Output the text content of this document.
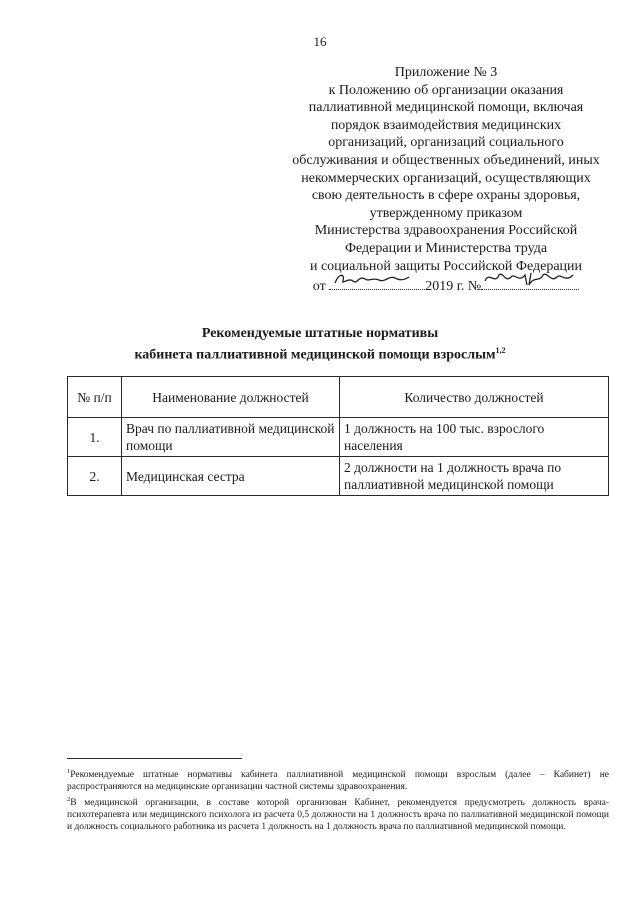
16
Приложение № 3
к Положению об организации оказания
паллиативной медицинской помощи, включая
порядок взаимодействия медицинских
организаций, организаций социального
обслуживания и общественных объединений, иных
некоммерческих организаций, осуществляющих
свою деятельность в сфере охраны здоровья,
утвержденному приказом
Министерства здравоохранения Российской
Федерации и Министерства труда
и социальной защиты Российской Федерации
от	2019 г. №
Рекомендуемые штатные нормативы
кабинета паллиативной медицинской помощи взрослым$^{1,2}$
№ п/п	Наименование должностей	Количество должностей
1.	Врач по паллиативной медицинской помощи	1 должность на 100 тыс. взрослого населения
2.	Медицинская сестра	2 должности на 1 должность врача по паллиативной медицинской помощи

$^1$Рекомендуемые штатные нормативы кабинета паллиативной медицинской помощи взрослым (далее – Кабинет) не распространяются на медицинские организации частной системы здравоохранения.

$^2$В медицинской организации, в составе которой организован Кабинет, рекомендуется предусмотреть должность врача-психотерапевта или медицинского психолога из расчета 0,5 должности на 1 должность врача по паллиативной медицинской помощи и должность социального работника из расчета 1 должность на 1 должность врача по паллиативной медицинской помощи.
